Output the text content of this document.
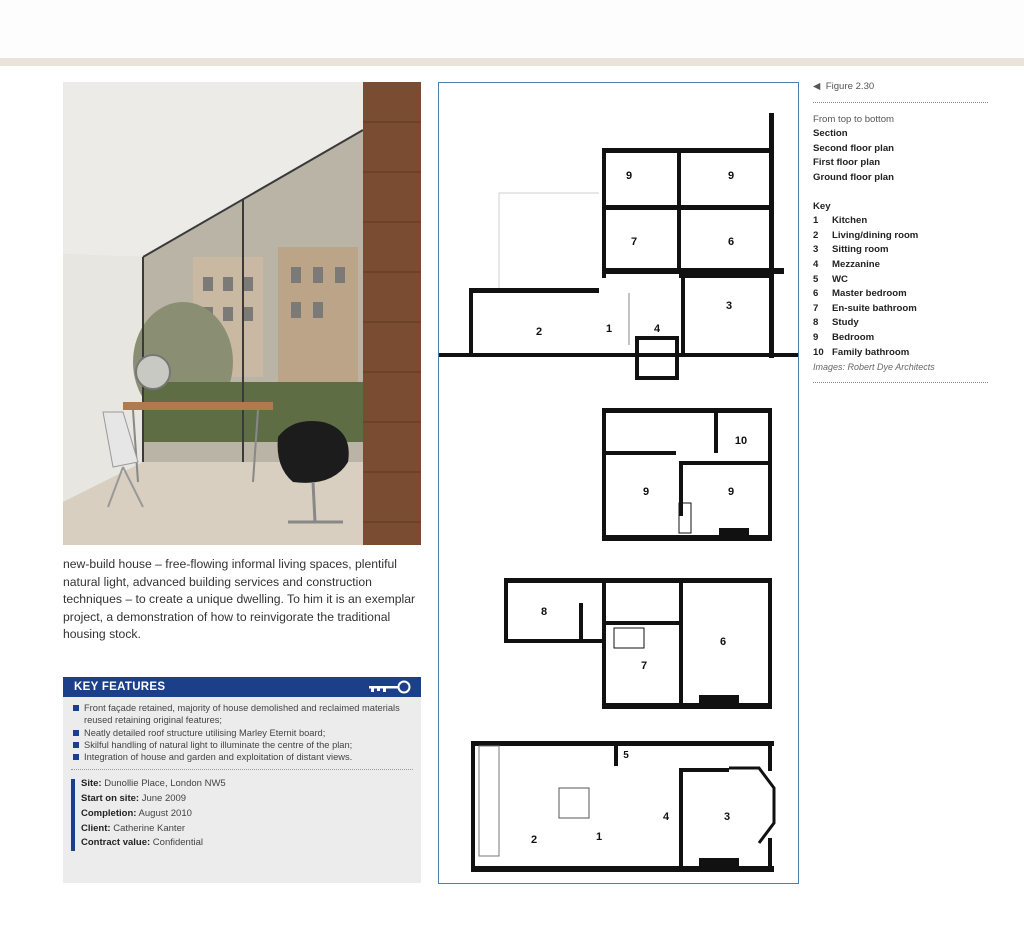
new-build house – free-flowing informal living spaces, plentiful natural light, advanced building services and construction techniques – to create a unique dwelling. To him it is an exemplar project, a demonstration of how to reinvigorate the traditional housing stock.

KEY FEATURES
Front façade retained, majority of house demolished and reclaimed materials reused retaining original features;
Neatly detailed roof structure utilising Marley Eternit board;
Skilful handling of natural light to illuminate the centre of the plan;
Integration of house and garden and exploitation of distant views.
Site: Dunollie Place, London NW5
Start on site: June 2009
Completion: August 2010
Client: Catherine Kanter
Contract value: Confidential
9	9
7	6
2	1	4
3
10
9	9
8
7
6
5
2	1
4	3
◀  Figure 2.30
From top to bottom
Section
Second floor plan
First floor plan
Ground floor plan
Key
1 Kitchen
2 Living/dining room
3 Sitting room
4 Mezzanine
5 WC
6 Master bedroom
7 En-suite bathroom
8 Study
9 Bedroom
10 Family bathroom
Images: Robert Dye Architects
